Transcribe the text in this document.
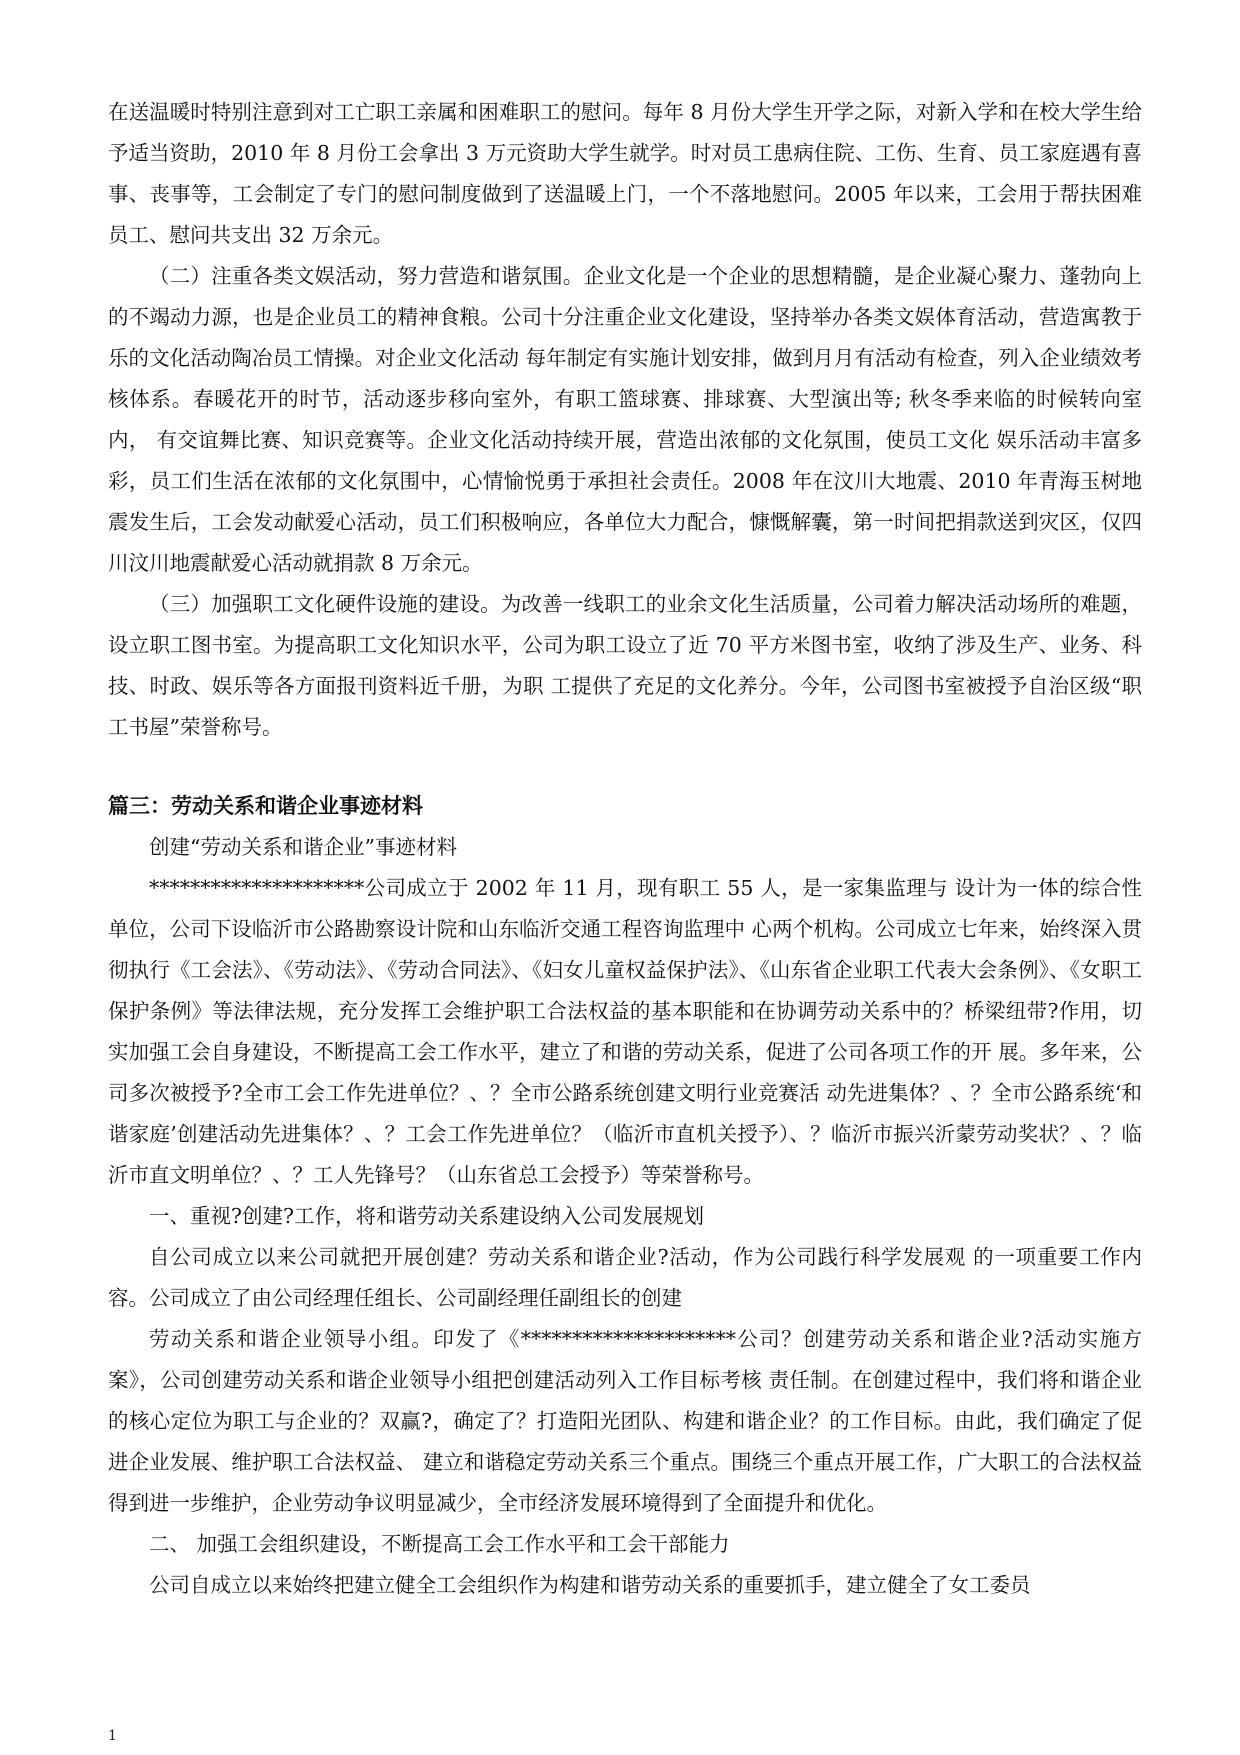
在送温暖时特别注意到对工亡职工亲属和困难职工的慰问。每年 8 月份大学生开学之际，对新入学和在校大学生给予适当资助，2010 年 8 月份工会拿出 3 万元资助大学生就学。时对员工患病住院、工伤、生育、员工家庭遇有喜事、丧事等，工会制定了专门的慰问制度做到了送温暖上门，一个不落地慰问。2005 年以来，工会用于帮扶困难员工、慰问共支出 32 万余元。

（二）注重各类文娱活动，努力营造和谐氛围。企业文化是一个企业的思想精髓，是企业凝心聚力、蓬勃向上的不竭动力源，也是企业员工的精神食粮。公司十分注重企业文化建设，坚持举办各类文娱体育活动，营造寓教于乐的文化活动陶冶员工情操。对企业文化活动 每年制定有实施计划安排，做到月月有活动有检查，列入企业绩效考核体系。春暖花开的时节，活动逐步移向室外，有职工篮球赛、排球赛、大型演出等; 秋冬季来临的时候转向室内， 有交谊舞比赛、知识竞赛等。企业文化活动持续开展，营造出浓郁的文化氛围，使员工文化 娱乐活动丰富多彩，员工们生活在浓郁的文化氛围中，心情愉悦勇于承担社会责任。2008 年在汶川大地震、2010 年青海玉树地震发生后，工会发动献爱心活动，员工们积极响应，各单位大力配合，慷慨解囊，第一时间把捐款送到灾区，仅四川汶川地震献爱心活动就捐款 8 万余元。

（三）加强职工文化硬件设施的建设。为改善一线职工的业余文化生活质量，公司着力解决活动场所的难题，设立职工图书室。为提高职工文化知识水平，公司为职工设立了近 70 平方米图书室，收纳了涉及生产、业务、科技、时政、娱乐等各方面报刊资料近千册，为职 工提供了充足的文化养分。今年，公司图书室被授予自治区级“职工书屋”荣誉称号。

篇三：劳动关系和谐企业事迹材料

创建“劳动关系和谐企业”事迹材料

*********************公司成立于 2002 年 11 月，现有职工 55 人，是一家集监理与 设计为一体的综合性单位，公司下设临沂市公路勘察设计院和山东临沂交通工程咨询监理中 心两个机构。公司成立七年来，始终深入贯彻执行《工会法》、《劳动法》、《劳动合同法》、《妇女儿童权益保护法》、《山东省企业职工代表大会条例》、《女职工保护条例》等法律法规，充分发挥工会维护职工合法权益的基本职能和在协调劳动关系中的？桥梁纽带?作用，切实加强工会自身建设，不断提高工会工作水平，建立了和谐的劳动关系，促进了公司各项工作的开 展。多年来，公司多次被授予?全市工会工作先进单位？、？全市公路系统创建文明行业竞赛活 动先进集体？、？全市公路系统‘和谐家庭’创建活动先进集体？、？工会工作先进单位？（临沂市直机关授予）、？临沂市振兴沂蒙劳动奖状？、？临沂市直文明单位？、？工人先锋号？（山东省总工会授予）等荣誉称号。

一、重视?创建?工作，将和谐劳动关系建设纳入公司发展规划

自公司成立以来公司就把开展创建？劳动关系和谐企业?活动，作为公司践行科学发展观 的一项重要工作内容。公司成立了由公司经理任组长、公司副经理任副组长的创建

劳动关系和谐企业领导小组。印发了《*********************公司？创建劳动关系和谐企业?活动实施方案》，公司创建劳动关系和谐企业领导小组把创建活动列入工作目标考核 责任制。在创建过程中，我们将和谐企业的核心定位为职工与企业的？双赢?，确定了？打造阳光团队、构建和谐企业？的工作目标。由此，我们确定了促进企业发展、维护职工合法权益、 建立和谐稳定劳动关系三个重点。围绕三个重点开展工作，广大职工的合法权益得到进一步维护，企业劳动争议明显减少，全市经济发展环境得到了全面提升和优化。

二、 加强工会组织建设，不断提高工会工作水平和工会干部能力

公司自成立以来始终把建立健全工会组织作为构建和谐劳动关系的重要抓手，建立健全了女工委员

1
